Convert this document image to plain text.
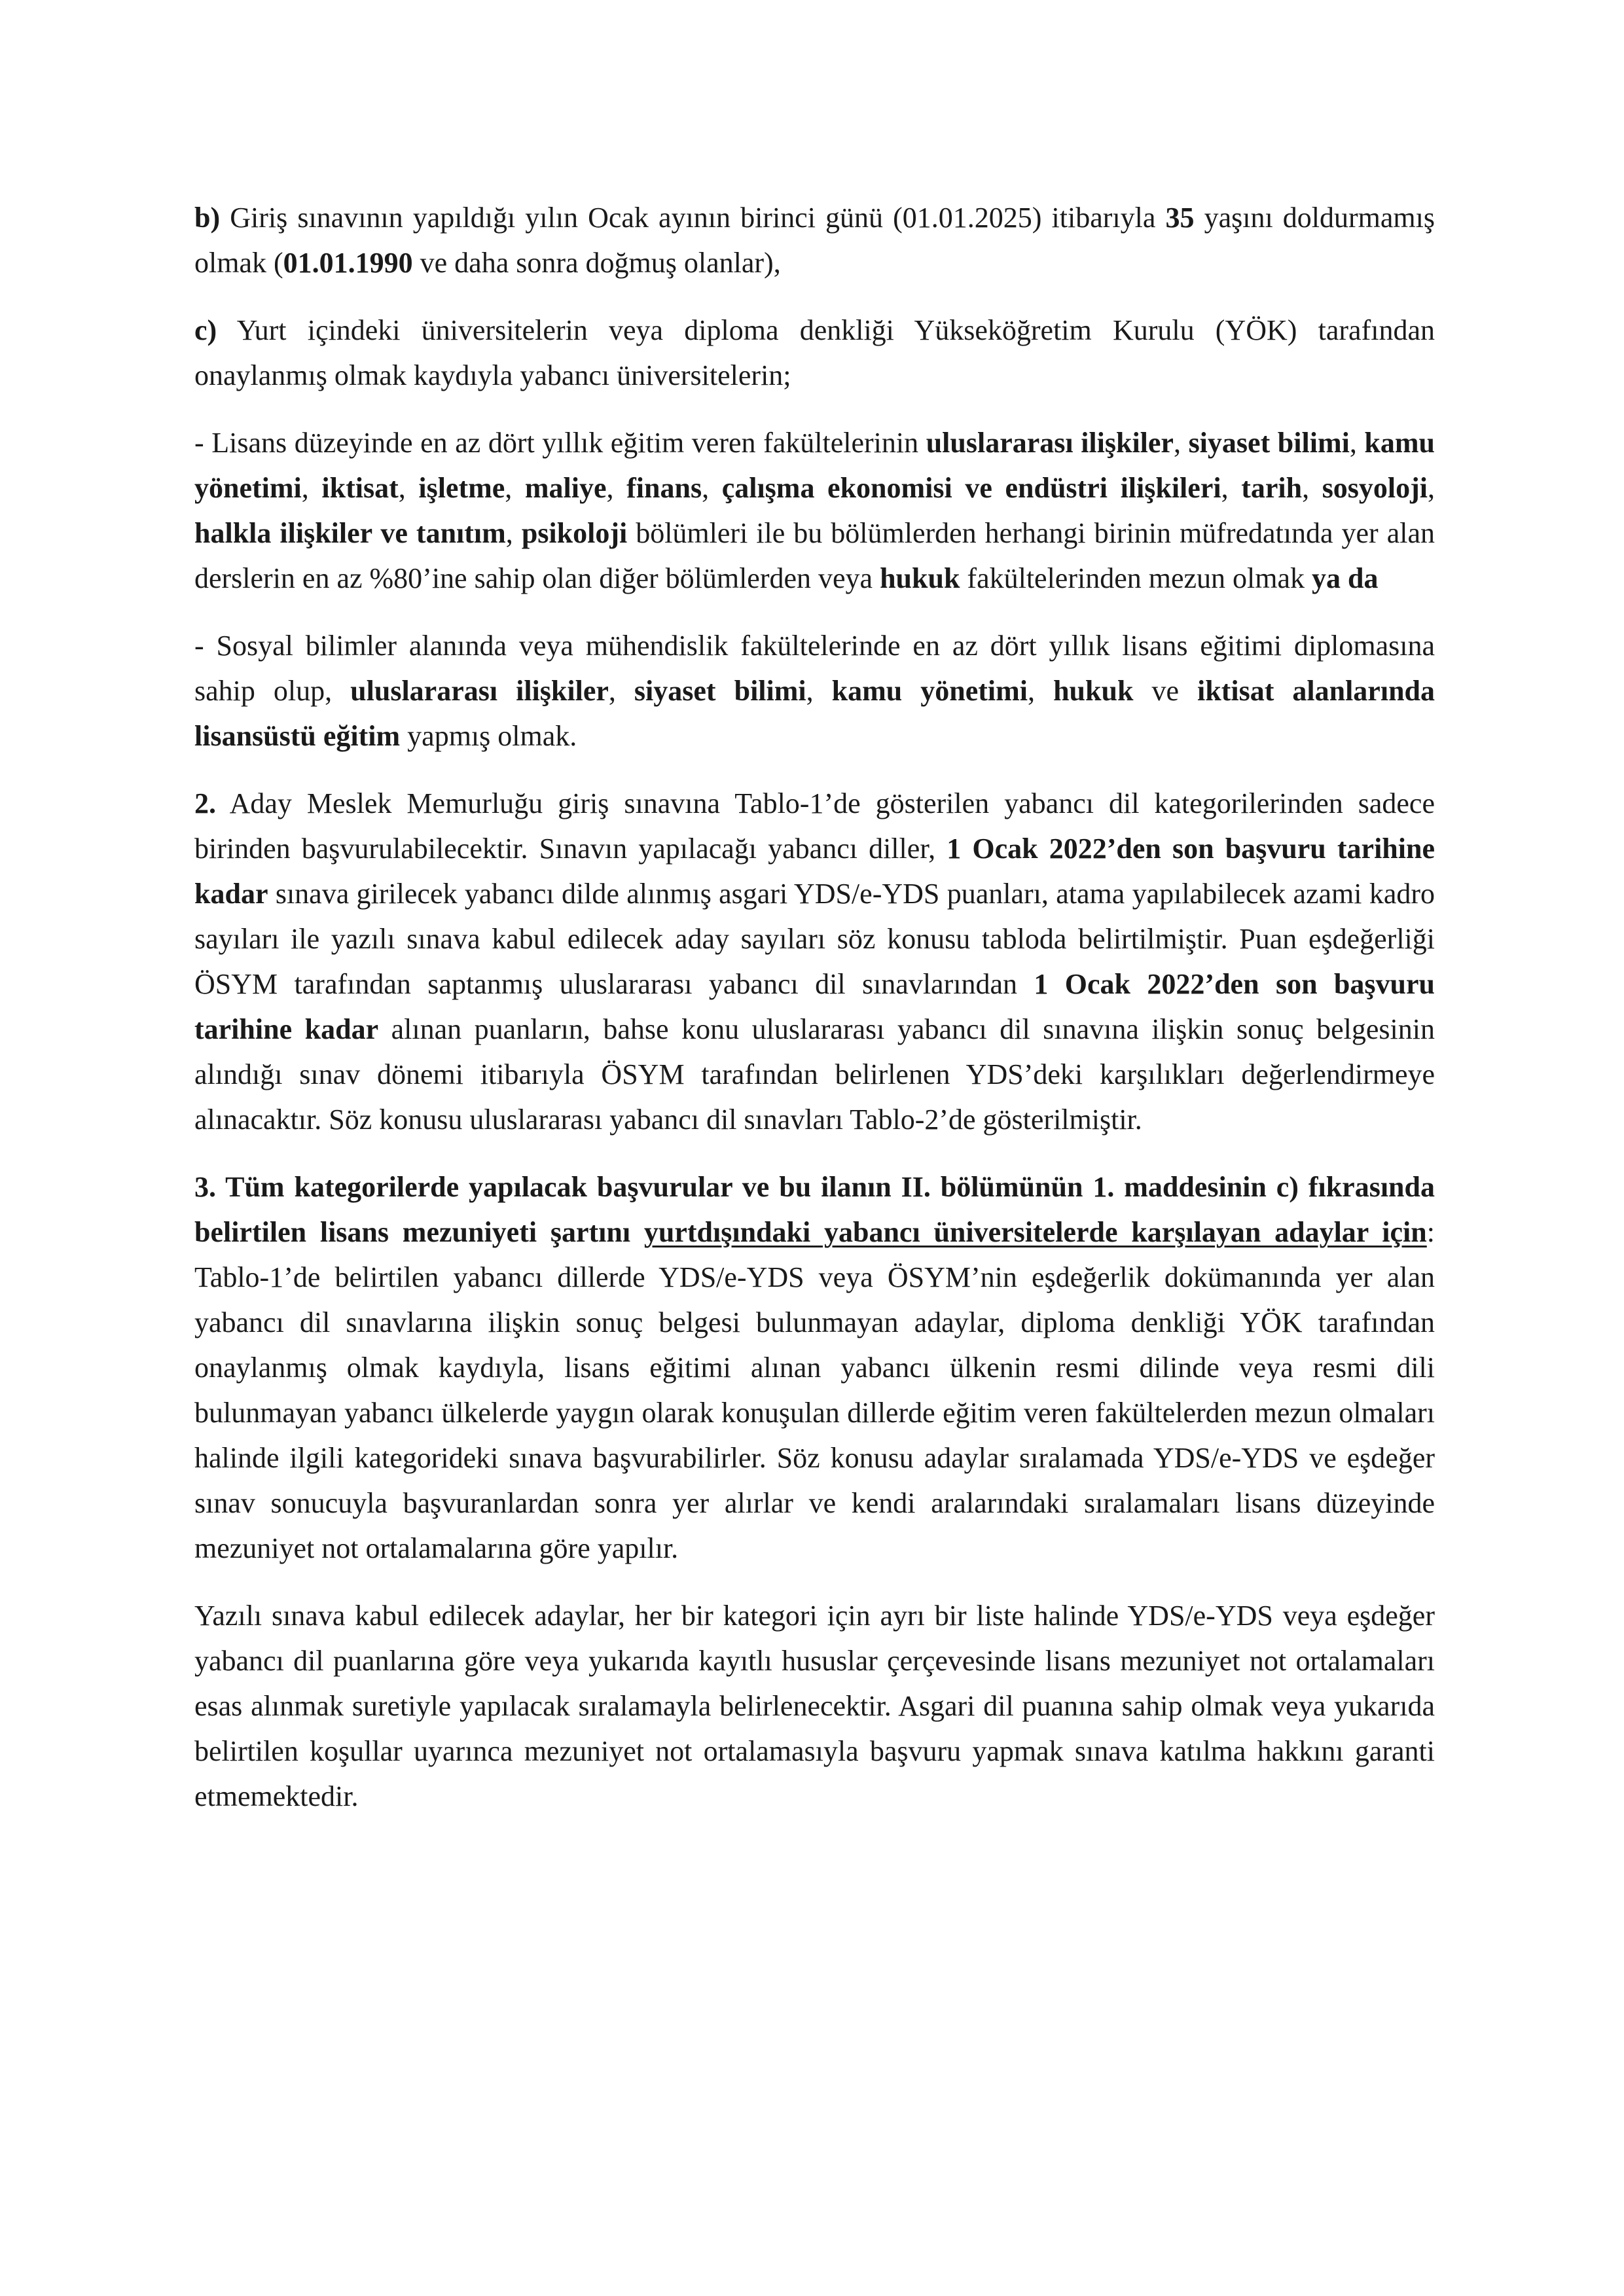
b) Giriş sınavının yapıldığı yılın Ocak ayının birinci günü (01.01.2025) itibarıyla 35 yaşını doldurmamış olmak (01.01.1990 ve daha sonra doğmuş olanlar),

c) Yurt içindeki üniversitelerin veya diploma denkliği Yükseköğretim Kurulu (YÖK) tarafından onaylanmış olmak kaydıyla yabancı üniversitelerin;

- Lisans düzeyinde en az dört yıllık eğitim veren fakültelerinin uluslararası ilişkiler, siyaset bilimi, kamu yönetimi, iktisat, işletme, maliye, finans, çalışma ekonomisi ve endüstri ilişkileri, tarih, sosyoloji, halkla ilişkiler ve tanıtım, psikoloji bölümleri ile bu bölümlerden herhangi birinin müfredatında yer alan derslerin en az %80’ine sahip olan diğer bölümlerden veya hukuk fakültelerinden mezun olmak ya da

- Sosyal bilimler alanında veya mühendislik fakültelerinde en az dört yıllık lisans eğitimi diplomasına sahip olup, uluslararası ilişkiler, siyaset bilimi, kamu yönetimi, hukuk ve iktisat alanlarında lisansüstü eğitim yapmış olmak.

2. Aday Meslek Memurluğu giriş sınavına Tablo-1’de gösterilen yabancı dil kategorilerinden sadece birinden başvurulabilecektir. Sınavın yapılacağı yabancı diller, 1 Ocak 2022’den son başvuru tarihine kadar sınava girilecek yabancı dilde alınmış asgari YDS/e-YDS puanları, atama yapılabilecek azami kadro sayıları ile yazılı sınava kabul edilecek aday sayıları söz konusu tabloda belirtilmiştir. Puan eşdeğerliği ÖSYM tarafından saptanmış uluslararası yabancı dil sınavlarından 1 Ocak 2022’den son başvuru tarihine kadar alınan puanların, bahse konu uluslararası yabancı dil sınavına ilişkin sonuç belgesinin alındığı sınav dönemi itibarıyla ÖSYM tarafından belirlenen YDS’deki karşılıkları değerlendirmeye alınacaktır. Söz konusu uluslararası yabancı dil sınavları Tablo-2’de gösterilmiştir.

3. Tüm kategorilerde yapılacak başvurular ve bu ilanın II. bölümünün 1. maddesinin c) fıkrasında belirtilen lisans mezuniyeti şartını yurtdışındaki yabancı üniversitelerde karşılayan adaylar için: Tablo-1’de belirtilen yabancı dillerde YDS/e-YDS veya ÖSYM’nin eşdeğerlik dokümanında yer alan yabancı dil sınavlarına ilişkin sonuç belgesi bulunmayan adaylar, diploma denkliği YÖK tarafından onaylanmış olmak kaydıyla, lisans eğitimi alınan yabancı ülkenin resmi dilinde veya resmi dili bulunmayan yabancı ülkelerde yaygın olarak konuşulan dillerde eğitim veren fakültelerden mezun olmaları halinde ilgili kategorideki sınava başvurabilirler. Söz konusu adaylar sıralamada YDS/e-YDS ve eşdeğer sınav sonucuyla başvuranlardan sonra yer alırlar ve kendi aralarındaki sıralamaları lisans düzeyinde mezuniyet not ortalamalarına göre yapılır.

Yazılı sınava kabul edilecek adaylar, her bir kategori için ayrı bir liste halinde YDS/e-YDS veya eşdeğer yabancı dil puanlarına göre veya yukarıda kayıtlı hususlar çerçevesinde lisans mezuniyet not ortalamaları esas alınmak suretiyle yapılacak sıralamayla belirlenecektir. Asgari dil puanına sahip olmak veya yukarıda belirtilen koşullar uyarınca mezuniyet not ortalamasıyla başvuru yapmak sınava katılma hakkını garanti etmemektedir.
